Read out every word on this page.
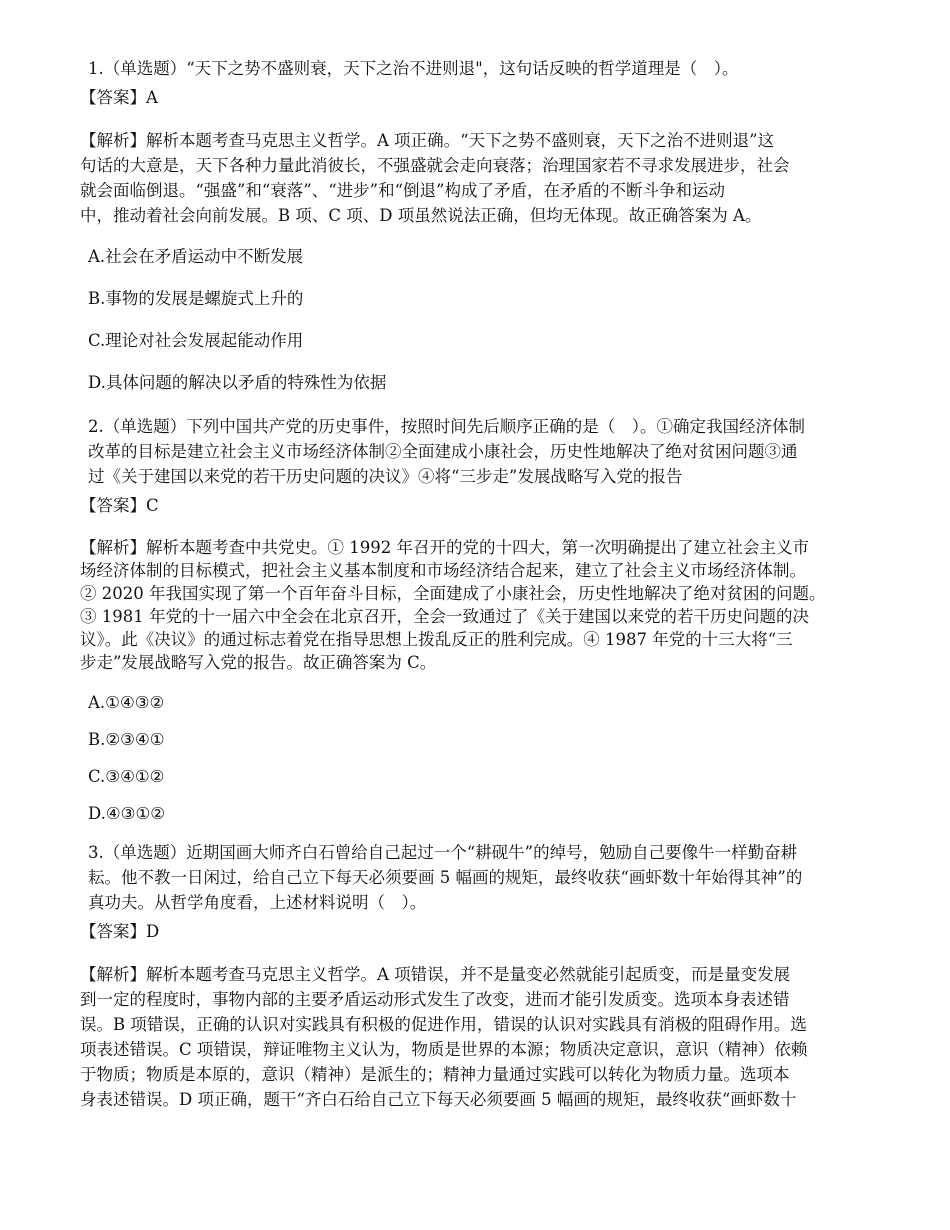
1.（单选题）“天下之势不盛则衰，天下之治不进则退"，这句话反映的哲学道理是（　）。
【答案】A
【解析】解析本题考查马克思主义哲学。A 项正确。“天下之势不盛则衰，天下之治不进则退”这
句话的大意是，天下各种力量此消彼长，不强盛就会走向衰落；治理国家若不寻求发展进步，社会
就会面临倒退。“强盛”和“衰落”、“进步”和“倒退”构成了矛盾，在矛盾的不断斗争和运动
中，推动着社会向前发展。B 项、C 项、D 项虽然说法正确，但均无体现。故正确答案为 A。
A.社会在矛盾运动中不断发展
B.事物的发展是螺旋式上升的
C.理论对社会发展起能动作用
D.具体问题的解决以矛盾的特殊性为依据
2.（单选题）下列中国共产党的历史事件，按照时间先后顺序正确的是（　）。①确定我国经济体制
改革的目标是建立社会主义市场经济体制②全面建成小康社会，历史性地解决了绝对贫困问题③通
过《关于建国以来党的若干历史问题的决议》④将“三步走”发展战略写入党的报告
【答案】C
【解析】解析本题考查中共党史。① 1992 年召开的党的十四大，第一次明确提出了建立社会主义市
场经济体制的目标模式，把社会主义基本制度和市场经济结合起来，建立了社会主义市场经济体制。
② 2020 年我国实现了第一个百年奋斗目标，全面建成了小康社会，历史性地解决了绝对贫困的问题。
③ 1981 年党的十一届六中全会在北京召开，全会一致通过了《关于建国以来党的若干历史问题的决
议》。此《决议》的通过标志着党在指导思想上拨乱反正的胜利完成。④ 1987 年党的十三大将“三
步走”发展战略写入党的报告。故正确答案为 C。
A.①④③②
B.②③④①
C.③④①②
D.④③①②
3.（单选题）近期国画大师齐白石曾给自己起过一个“耕砚牛”的绰号，勉励自己要像牛一样勤奋耕
耘。他不教一日闲过，给自己立下每天必须要画 5 幅画的规矩，最终收获“画虾数十年始得其神”的
真功夫。从哲学角度看，上述材料说明（　）。
【答案】D
【解析】解析本题考查马克思主义哲学。A 项错误，并不是量变必然就能引起质变，而是量变发展
到一定的程度时，事物内部的主要矛盾运动形式发生了改变，进而才能引发质变。选项本身表述错
误。B 项错误，正确的认识对实践具有积极的促进作用，错误的认识对实践具有消极的阻碍作用。选
项表述错误。C 项错误，辩证唯物主义认为，物质是世界的本源；物质决定意识，意识（精神）依赖
于物质；物质是本原的，意识（精神）是派生的；精神力量通过实践可以转化为物质力量。选项本
身表述错误。D 项正确，题干“齐白石给自己立下每天必须要画 5 幅画的规矩，最终收获“画虾数十
